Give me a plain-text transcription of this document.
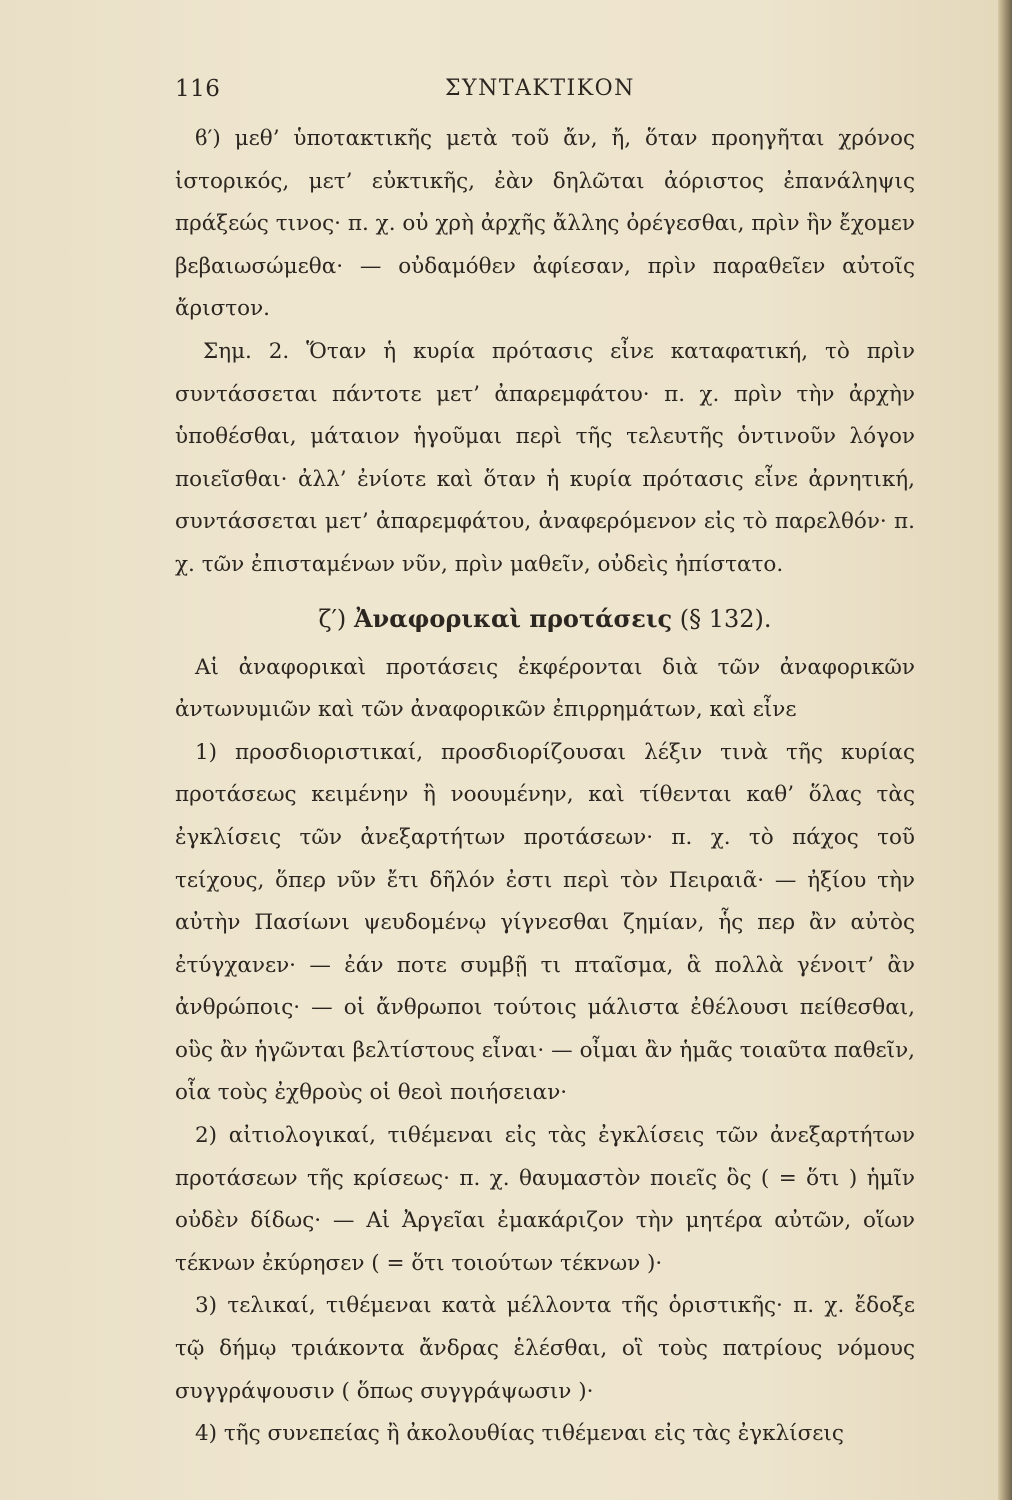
116	ΣΥΝΤΑΚΤΙΚΟΝ

ϐ′) μεθ’ ὑποτακτικῆς μετὰ τοῦ ἄν, ἤ, ὅταν προηγῆται χρόνος ἱστορικός, μετ’ εὐκτικῆς, ἐὰν δηλῶται ἀόριστος ἐπανάληψις πράξεώς τινος· π. χ. οὐ χρὴ ἀρχῆς ἄλλης ὀρέγεσθαι, πρὶν ἣν ἔχομεν βεβαιωσώμεθα· — οὐδαμόθεν ἀφίεσαν, πρὶν παραθεῖεν αὐτοῖς ἄριστον.

Σημ. 2. Ὅταν ἡ κυρία πρότασις εἶνε καταφατική, τὸ πρὶν συντάσσεται πάντοτε μετ’ ἀπαρεμφάτου· π. χ. πρὶν τὴν ἀρχὴν ὑποθέσθαι, μάταιον ἡγοῦμαι περὶ τῆς τελευτῆς ὁντινοῦν λόγον ποιεῖσθαι· ἀλλ’ ἐνίοτε καὶ ὅταν ἡ κυρία πρότασις εἶνε ἀρνητική, συντάσσεται μετ’ ἀπαρεμφάτου, ἀναφερόμενον εἰς τὸ παρελθόν· π. χ. τῶν ἐπισταμένων νῦν, πρὶν μαθεῖν, οὐδεὶς ἠπίστατο.

ζ′) Ἀναφορικαὶ προτάσεις (§ 132).

Αἱ ἀναφορικαὶ προτάσεις ἐκφέρονται διὰ τῶν ἀναφορικῶν ἀντωνυμιῶν καὶ τῶν ἀναφορικῶν ἐπιρρημάτων, καὶ εἶνε

1) προσδιοριστικαί, προσδιορίζουσαι λέξιν τινὰ τῆς κυρίας προτάσεως κειμένην ἢ νοουμένην, καὶ τίθενται καθ’ ὅλας τὰς ἐγκλίσεις τῶν ἀνεξαρτήτων προτάσεων· π. χ. τὸ πάχος τοῦ τείχους, ὅπερ νῦν ἔτι δῆλόν ἐστι περὶ τὸν Πειραιᾶ· — ἠξίου τὴν αὐτὴν Πασίωνι ψευδομένῳ γίγνεσθαι ζημίαν, ἧς περ ἂν αὐτὸς ἐτύγχανεν· — ἐάν ποτε συμβῇ τι πταῖσμα, ἃ πολλὰ γένοιτ’ ἂν ἀνθρώποις· — οἱ ἄνθρωποι τούτοις μάλιστα ἐθέλουσι πείθεσθαι, οὓς ἂν ἡγῶνται βελτίστους εἶναι· — οἶμαι ἂν ἡμᾶς τοιαῦτα παθεῖν, οἷα τοὺς ἐχθροὺς οἱ θεοὶ ποιήσειαν·

2) αἰτιολογικαί, τιθέμεναι εἰς τὰς ἐγκλίσεις τῶν ἀνεξαρτήτων προτάσεων τῆς κρίσεως· π. χ. θαυμαστὸν ποιεῖς ὃς ( = ὅτι ) ἡμῖν οὐδὲν δίδως· — Αἱ Ἀργεῖαι ἐμακάριζον τὴν μητέρα αὐτῶν, οἵων τέκνων ἐκύρησεν ( = ὅτι τοιούτων τέκνων )·

3) τελικαί, τιθέμεναι κατὰ μέλλοντα τῆς ὁριστικῆς· π. χ. ἔδοξε τῷ δήμῳ τριάκοντα ἄνδρας ἑλέσθαι, οἳ τοὺς πατρίους νόμους συγγράψουσιν ( ὅπως συγγράψωσιν )·

4) τῆς συνεπείας ἢ ἀκολουθίας τιθέμεναι εἰς τὰς ἐγκλίσεις
